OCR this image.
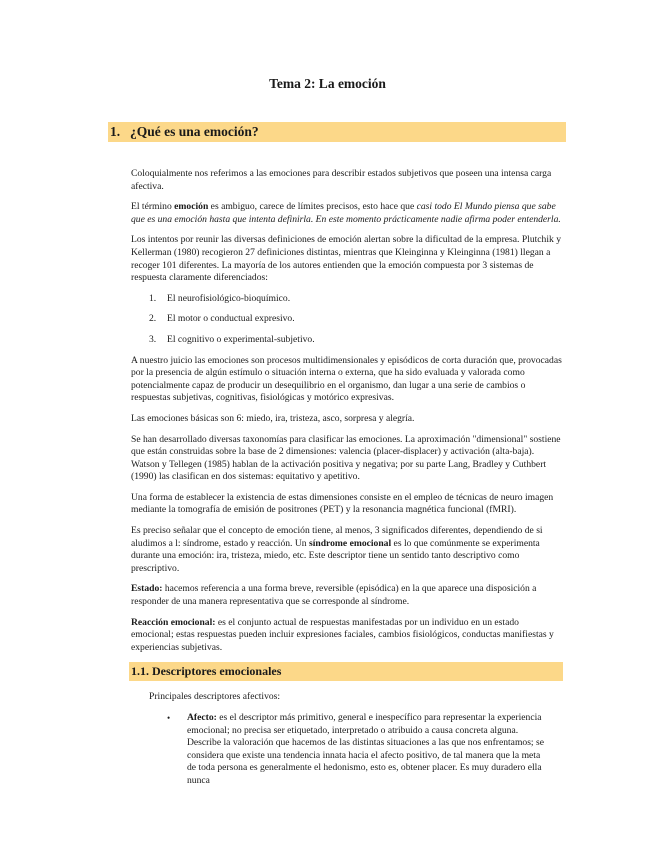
Tema 2: La emoción
1. ¿Qué es una emoción?

Coloquialmente nos referimos a las emociones para describir estados subjetivos que poseen una intensa carga afectiva.

El término emoción es ambiguo, carece de límites precisos, esto hace que casi todo El Mundo piensa que sabe que es una emoción hasta que intenta definirla. En este momento prácticamente nadie afirma poder entenderla.

Los intentos por reunir las diversas definiciones de emoción alertan sobre la dificultad de la empresa. Plutchik y Kellerman (1980) recogieron 27 definiciones distintas, mientras que Kleinginna y Kleinginna (1981) llegan a recoger 101 diferentes. La mayoría de los autores entienden que la emoción compuesta por 3 sistemas de respuesta claramente diferenciados:

1.	El neurofisiológico-bioquímico.
2.	El motor o conductual expresivo.
3.	El cognitivo o experimental-subjetivo.

A nuestro juicio las emociones son procesos multidimensionales y episódicos de corta duración que, provocadas por la presencia de algún estímulo o situación interna o externa, que ha sido evaluada y valorada como potencialmente capaz de producir un desequilibrio en el organismo, dan lugar a una serie de cambios o respuestas subjetivas, cognitivas, fisiológicas y motórico expresivas.

Las emociones básicas son 6: miedo, ira, tristeza, asco, sorpresa y alegría.

Se han desarrollado diversas taxonomías para clasificar las emociones. La aproximación "dimensional" sostiene que están construidas sobre la base de 2 dimensiones: valencia (placer-displacer) y activación (alta-baja). Watson y Tellegen (1985) hablan de la activación positiva y negativa; por su parte Lang, Bradley y Cuthbert (1990) las clasifican en dos sistemas: equitativo y apetitivo.

Una forma de establecer la existencia de estas dimensiones consiste en el empleo de técnicas de neuro imagen mediante la tomografía de emisión de positrones (PET) y la resonancia magnética funcional (fMRI).

Es preciso señalar que el concepto de emoción tiene, al menos, 3 significados diferentes, dependiendo de si aludimos a l: síndrome, estado y reacción. Un síndrome emocional es lo que comúnmente se experimenta durante una emoción: ira, tristeza, miedo, etc. Este descriptor tiene un sentido tanto descriptivo como prescriptivo.

Estado: hacemos referencia a una forma breve, reversible (episódica) en la que aparece una disposición a responder de una manera representativa que se corresponde al síndrome.

Reacción emocional: es el conjunto actual de respuestas manifestadas por un individuo en un estado emocional; estas respuestas pueden incluir expresiones faciales, cambios fisiológicos, conductas manifiestas y experiencias subjetivas.

1.1. Descriptores emocionales

Principales descriptores afectivos:

•	Afecto: es el descriptor más primitivo, general e inespecífico para representar la experiencia emocional; no precisa ser etiquetado, interpretado o atribuido a causa concreta alguna. Describe la valoración que hacemos de las distintas situaciones a las que nos enfrentamos; se considera que existe una tendencia innata hacia el afecto positivo, de tal manera que la meta de toda persona es generalmente el hedonismo, esto es, obtener placer. Es muy duradero ella nunca
